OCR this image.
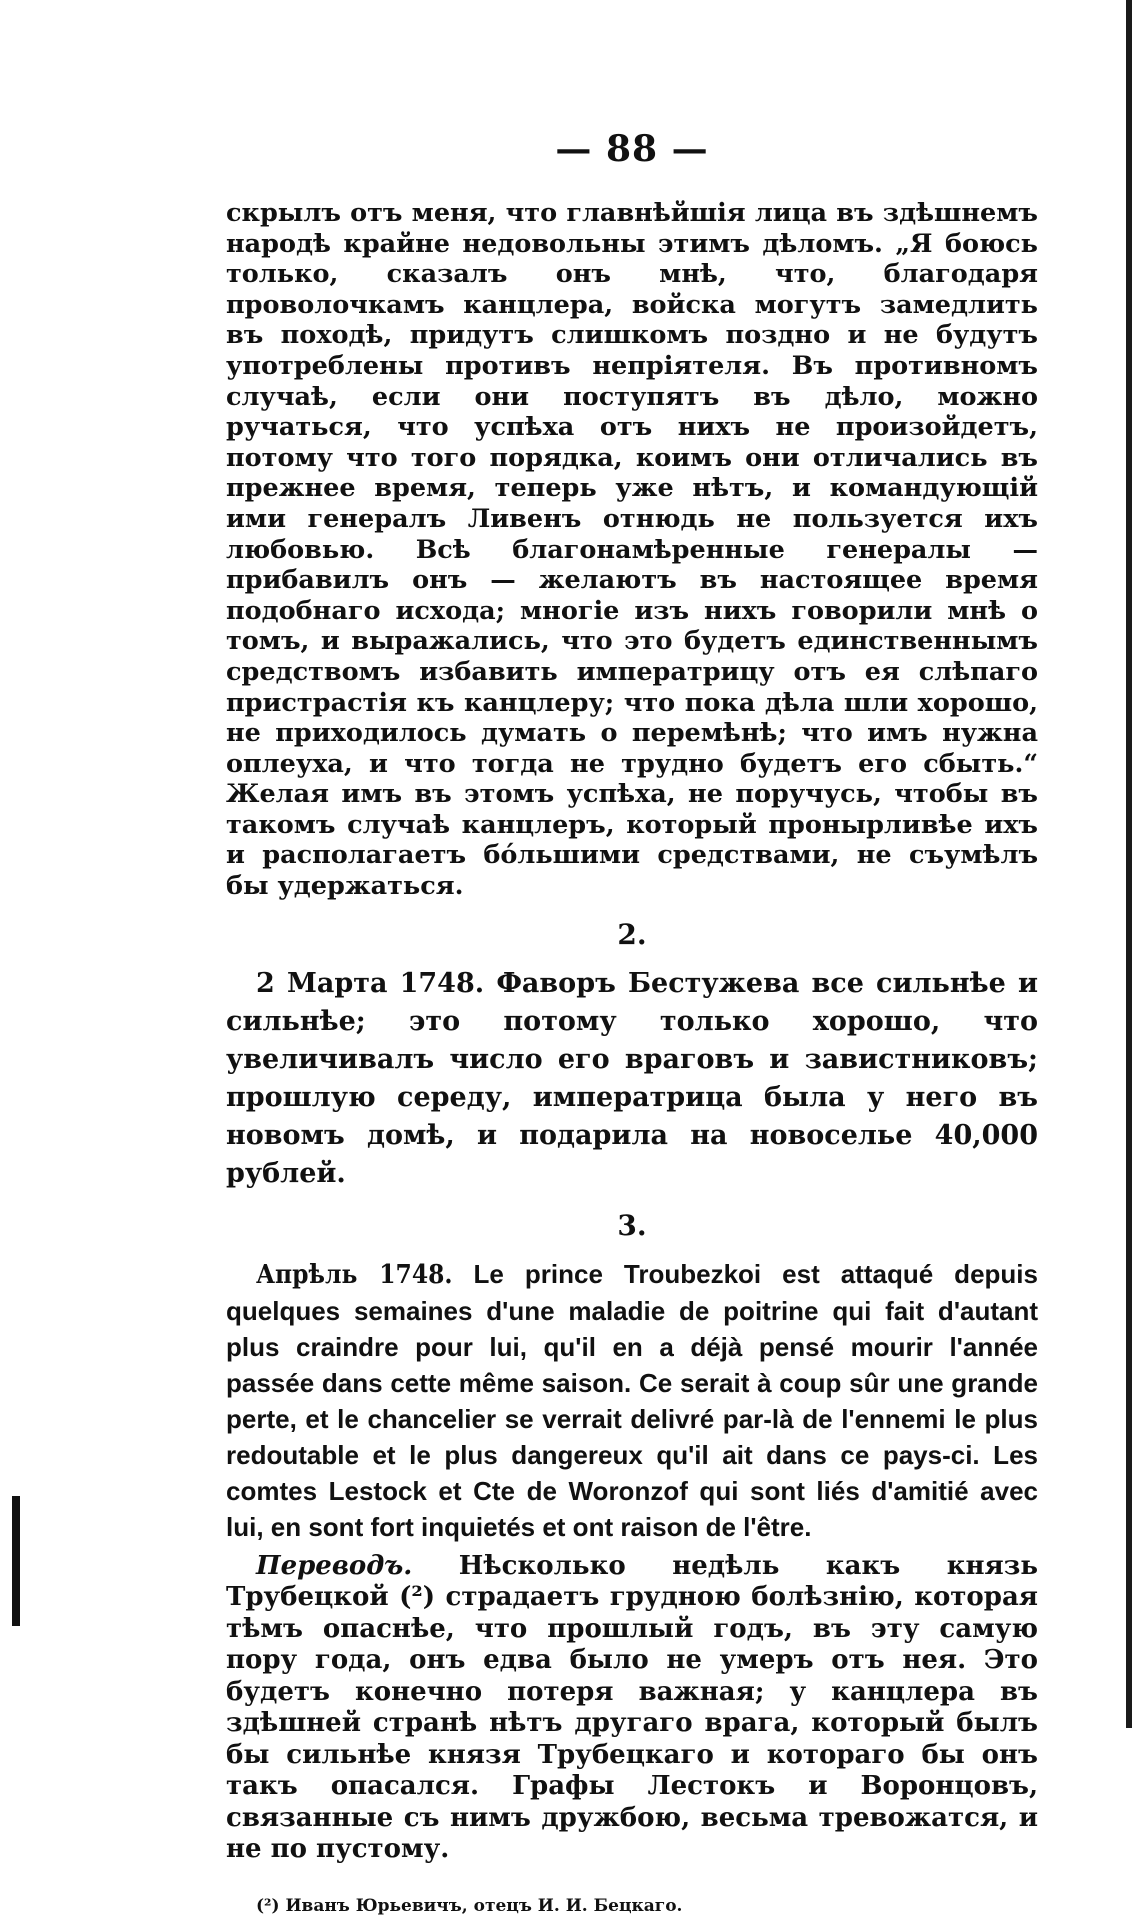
— 88 —

скрылъ отъ меня, что главнѣйшія лица въ здѣшнемъ народѣ крайне недовольны этимъ дѣломъ. „Я боюсь только, сказалъ онъ мнѣ, что, благодаря проволочкамъ канцлера, войска могутъ замедлить въ походѣ, придутъ слишкомъ поздно и не будутъ употреблены противъ непріятеля. Въ противномъ случаѣ, если они поступятъ въ дѣло, можно ручаться, что успѣха отъ нихъ не произойдетъ, потому что того порядка, коимъ они отличались въ прежнее время, теперь уже нѣтъ, и командующій ими генералъ Ливенъ отнюдь не пользуется ихъ любовью. Всѣ благонамѣренные генералы — прибавилъ онъ — желаютъ въ настоящее время подобнаго исхода; многіе изъ нихъ говорили мнѣ о томъ, и выражались, что это будетъ единственнымъ средствомъ избавить императрицу отъ ея слѣпаго пристрастія къ канцлеру; что пока дѣла шли хорошо, не приходилось думать о перемѣнѣ; что имъ нужна оплеуха, и что тогда не трудно будетъ его сбыть.“ Желая имъ въ этомъ успѣха, не поручусь, чтобы въ такомъ случаѣ канцлеръ, который пронырливѣе ихъ и располагаетъ бо́льшими средствами, не съумѣлъ бы удержаться.

2.

2 Марта 1748. Фаворъ Бестужева все сильнѣе и сильнѣе; это потому только хорошо, что увеличивалъ число его враговъ и завистниковъ; прошлую середу, императрица была у него въ новомъ домѣ, и подарила на новоселье 40,000 рублей.

3.

Апрѣль 1748. Le prince Troubezkoi est attaqué depuis quelques semaines d'une maladie de poitrine qui fait d'autant plus craindre pour lui, qu'il en a déjà pensé mourir l'année passée dans cette même saison. Ce serait à coup sûr une grande perte, et le chancelier se verrait delivré par-là de l'ennemi le plus redoutable et le plus dangereux qu'il ait dans ce pays-ci. Les comtes Lestock et Cte de Woronzof qui sont liés d'amitié avec lui, en sont fort inquietés et ont raison de l'être.

Переводъ. Нѣсколько недѣль какъ князь Трубецкой (²) страдаетъ грудною болѣзнію, которая тѣмъ опаснѣе, что прошлый годъ, въ эту самую пору года, онъ едва было не умеръ отъ нея. Это будетъ конечно потеря важная; у канцлера въ здѣшней странѣ нѣтъ другаго врага, который былъ бы сильнѣе князя Трубецкаго и котораго бы онъ такъ опасался. Графы Лестокъ и Воронцовъ, связанные съ нимъ дружбою, весьма тревожатся, и не по пустому.

(²) Иванъ Юрьевичъ, отецъ И. И. Бецкаго.
